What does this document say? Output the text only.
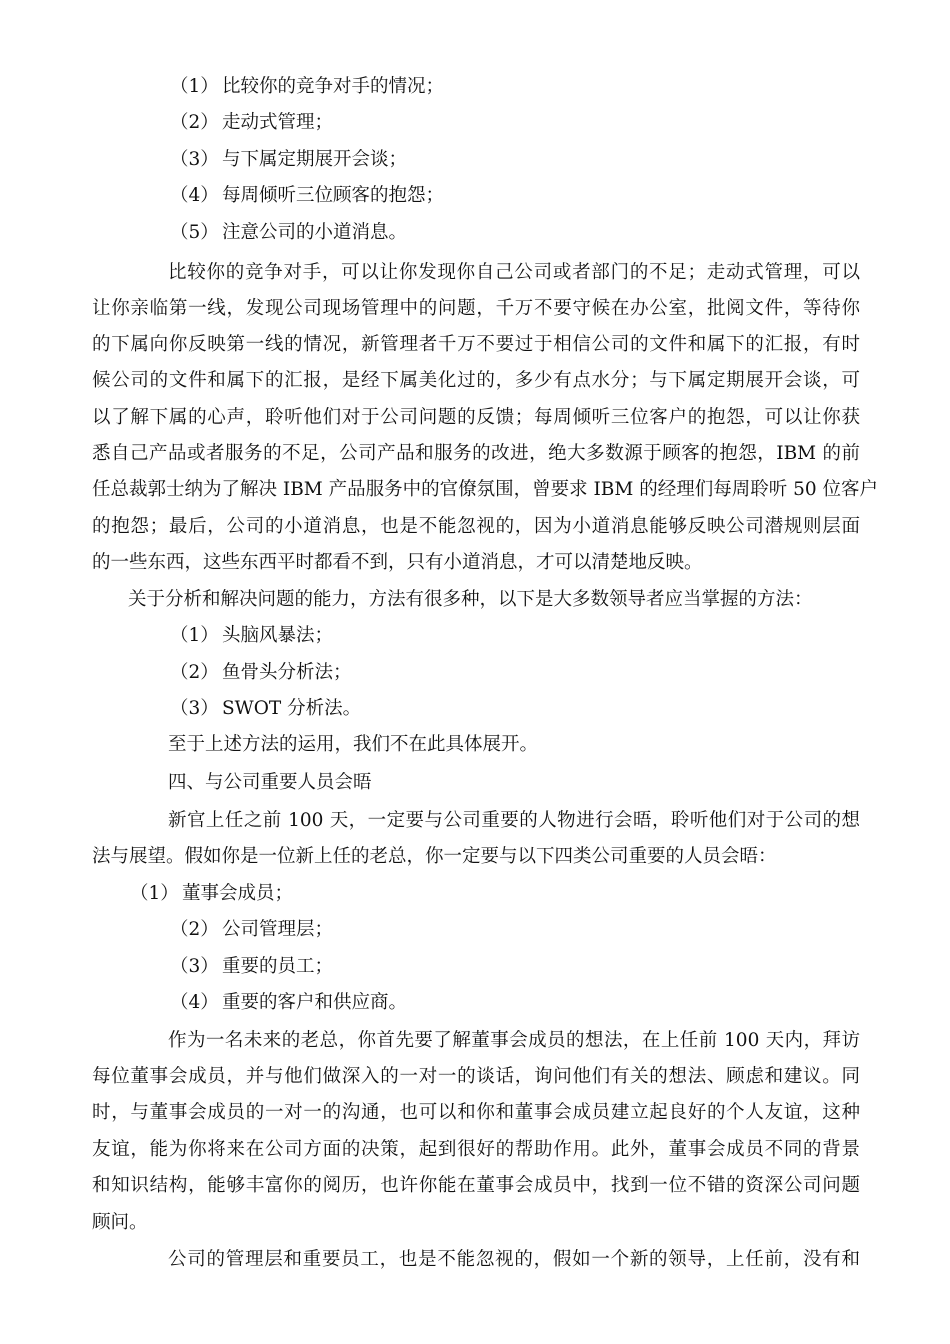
（1） 比较你的竞争对手的情况；
（2） 走动式管理；
（3） 与下属定期展开会谈；
（4） 每周倾听三位顾客的抱怨；
（5） 注意公司的小道消息。
比较你的竞争对手，可以让你发现你自己公司或者部门的不足；走动式管理，可以
让你亲临第一线，发现公司现场管理中的问题，千万不要守候在办公室，批阅文件，等待你
的下属向你反映第一线的情况，新管理者千万不要过于相信公司的文件和属下的汇报，有时
候公司的文件和属下的汇报，是经下属美化过的，多少有点水分；与下属定期展开会谈，可
以了解下属的心声，聆听他们对于公司问题的反馈；每周倾听三位客户的抱怨，可以让你获
悉自己产品或者服务的不足，公司产品和服务的改进，绝大多数源于顾客的抱怨，IBM 的前
任总裁郭士纳为了解决 IBM 产品服务中的官僚氛围，曾要求 IBM 的经理们每周聆听 50 位客户
的抱怨；最后，公司的小道消息，也是不能忽视的，因为小道消息能够反映公司潜规则层面
的一些东西，这些东西平时都看不到，只有小道消息，才可以清楚地反映。
关于分析和解决问题的能力，方法有很多种，以下是大多数领导者应当掌握的方法：
（1） 头脑风暴法；
（2） 鱼骨头分析法；
（3） SWOT 分析法。
至于上述方法的运用，我们不在此具体展开。
四、与公司重要人员会晤
新官上任之前 100 天，一定要与公司重要的人物进行会晤，聆听他们对于公司的想
法与展望。假如你是一位新上任的老总，你一定要与以下四类公司重要的人员会晤：
（1） 董事会成员；
（2） 公司管理层；
（3） 重要的员工；
（4） 重要的客户和供应商。
作为一名未来的老总，你首先要了解董事会成员的想法，在上任前 100 天内，拜访
每位董事会成员，并与他们做深入的一对一的谈话，询问他们有关的想法、顾虑和建议。同
时，与董事会成员的一对一的沟通，也可以和你和董事会成员建立起良好的个人友谊，这种
友谊，能为你将来在公司方面的决策，起到很好的帮助作用。此外，董事会成员不同的背景
和知识结构，能够丰富你的阅历，也许你能在董事会成员中，找到一位不错的资深公司问题
顾问。
公司的管理层和重要员工，也是不能忽视的，假如一个新的领导，上任前，没有和
